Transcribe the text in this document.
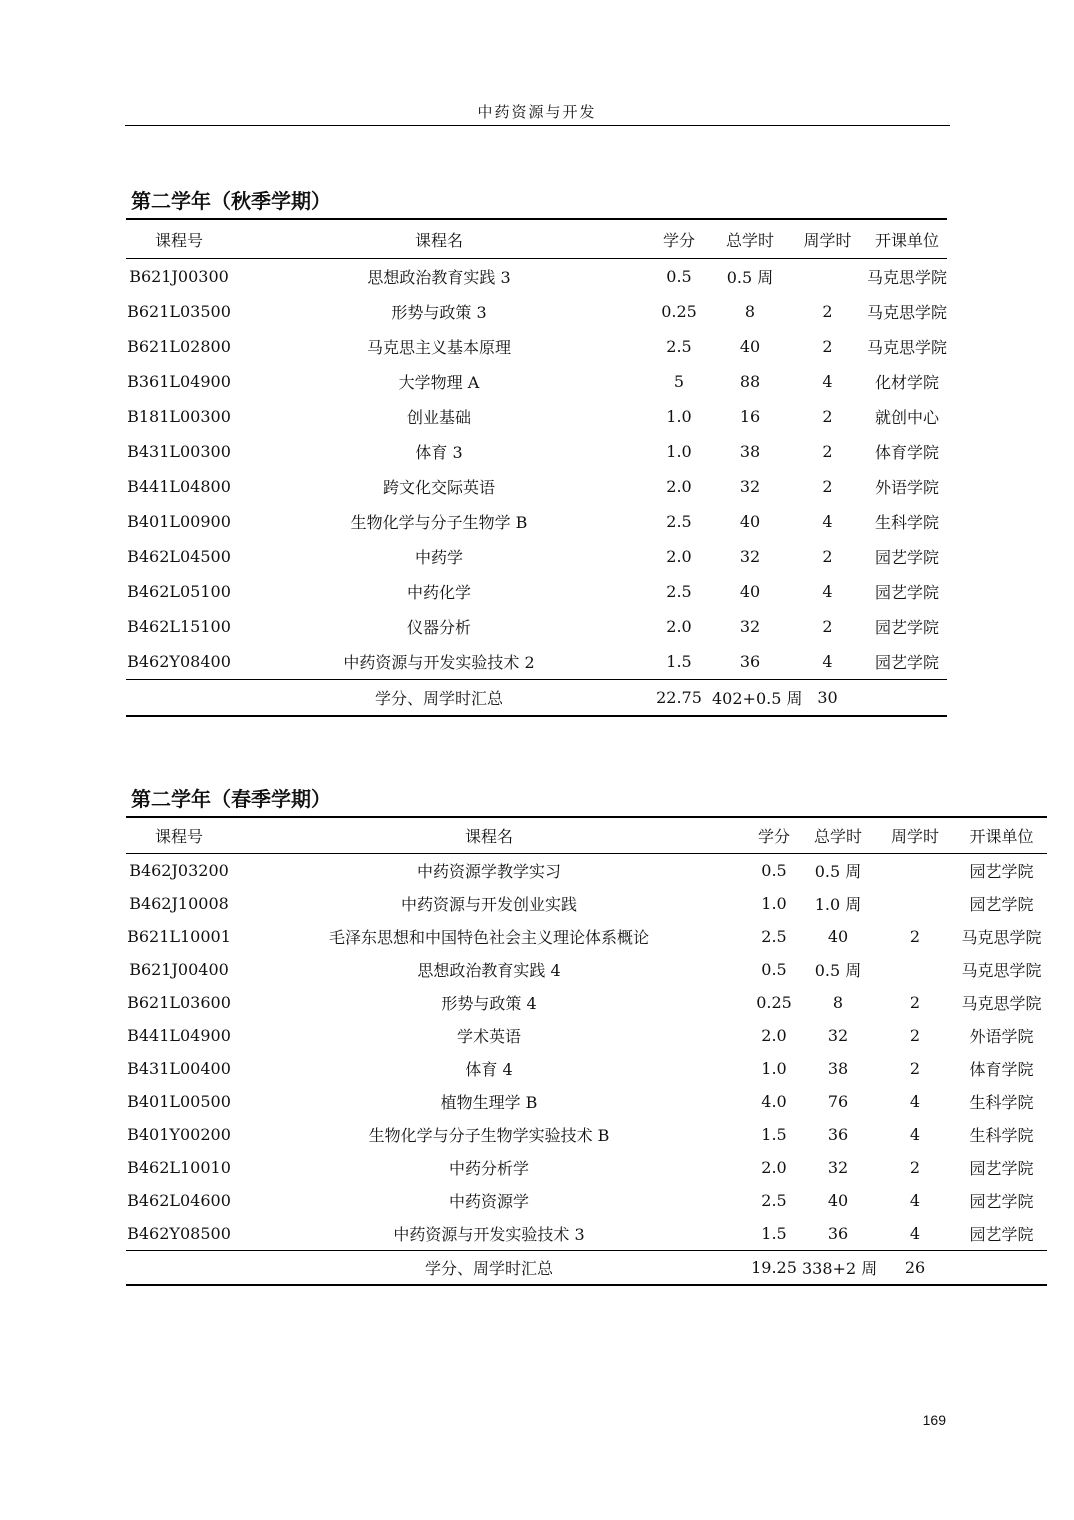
中药资源与开发
第二学年（秋季学期）
课程号	课程名	学分	总学时	周学时	开课单位
B621J00300	思想政治教育实践 3	0.5	0.5 周		马克思学院
B621L03500	形势与政策 3	0.25	8	2	马克思学院
B621L02800	马克思主义基本原理	2.5	40	2	马克思学院
B361L04900	大学物理 A	5	88	4	化材学院
B181L00300	创业基础	1.0	16	2	就创中心
B431L00300	体育 3	1.0	38	2	体育学院
B441L04800	跨文化交际英语	2.0	32	2	外语学院
B401L00900	生物化学与分子生物学 B	2.5	40	4	生科学院
B462L04500	中药学	2.0	32	2	园艺学院
B462L05100	中药化学	2.5	40	4	园艺学院
B462L15100	仪器分析	2.0	32	2	园艺学院
B462Y08400	中药资源与开发实验技术 2	1.5	36	4	园艺学院
	学分、周学时汇总	22.75	402+0.5 周	30	
第二学年（春季学期）
课程号	课程名	学分	总学时	周学时	开课单位
B462J03200	中药资源学教学实习	0.5	0.5 周		园艺学院
B462J10008	中药资源与开发创业实践	1.0	1.0 周		园艺学院
B621L10001	毛泽东思想和中国特色社会主义理论体系概论	2.5	40	2	马克思学院
B621J00400	思想政治教育实践 4	0.5	0.5 周		马克思学院
B621L03600	形势与政策 4	0.25	8	2	马克思学院
B441L04900	学术英语	2.0	32	2	外语学院
B431L00400	体育 4	1.0	38	2	体育学院
B401L00500	植物生理学 B	4.0	76	4	生科学院
B401Y00200	生物化学与分子生物学实验技术 B	1.5	36	4	生科学院
B462L10010	中药分析学	2.0	32	2	园艺学院
B462L04600	中药资源学	2.5	40	4	园艺学院
B462Y08500	中药资源与开发实验技术 3	1.5	36	4	园艺学院
	学分、周学时汇总	19.25	338+2 周	26	
169
